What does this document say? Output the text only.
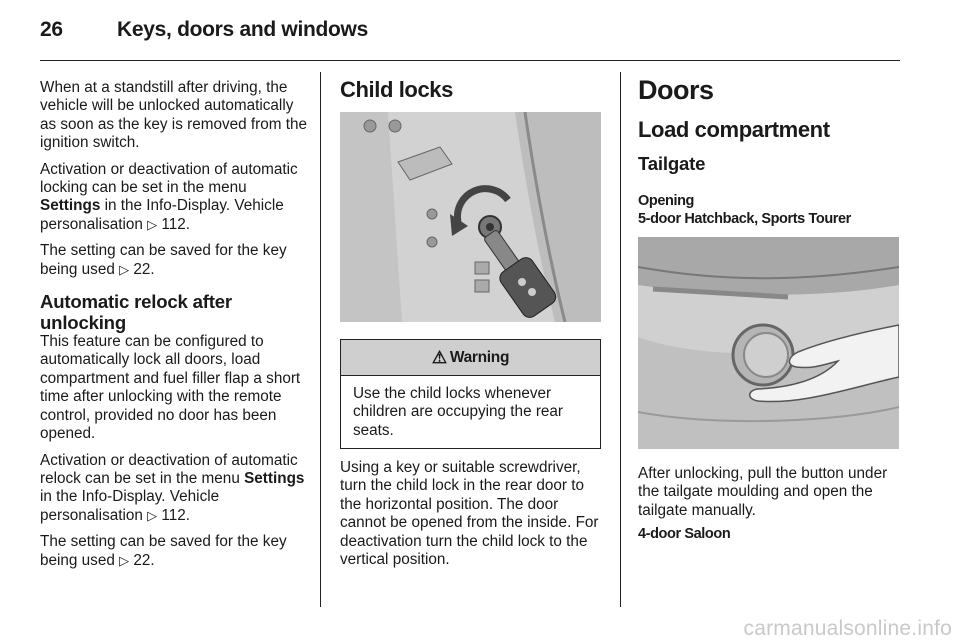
26	Keys, doors and windows

When at a standstill after driving, the vehicle will be unlocked automatically as soon as the key is removed from the ignition switch.

Activation or deactivation of automatic locking can be set in the menu Settings in the Info-Display. Vehicle personalisation ▷ 112.

The setting can be saved for the key being used ▷ 22.

Automatic relock after unlocking

This feature can be configured to automatically lock all doors, load compartment and fuel filler flap a short time after unlocking with the remote control, provided no door has been opened.

Activation or deactivation of automatic relock can be set in the menu Settings in the Info-Display. Vehicle personalisation ▷ 112.

The setting can be saved for the key being used ▷ 22.

Child locks
⚠ Warning
Use the child locks whenever children are occupying the rear seats.
Using a key or suitable screwdriver, turn the child lock in the rear door to the horizontal position. The door cannot be opened from the inside. For deactivation turn the child lock to the vertical position.
Doors
Load compartment
Tailgate
Opening
5-door Hatchback, Sports Tourer
After unlocking, pull the button under the tailgate moulding and open the tailgate manually.
4-door Saloon
carmanualsonline.info
